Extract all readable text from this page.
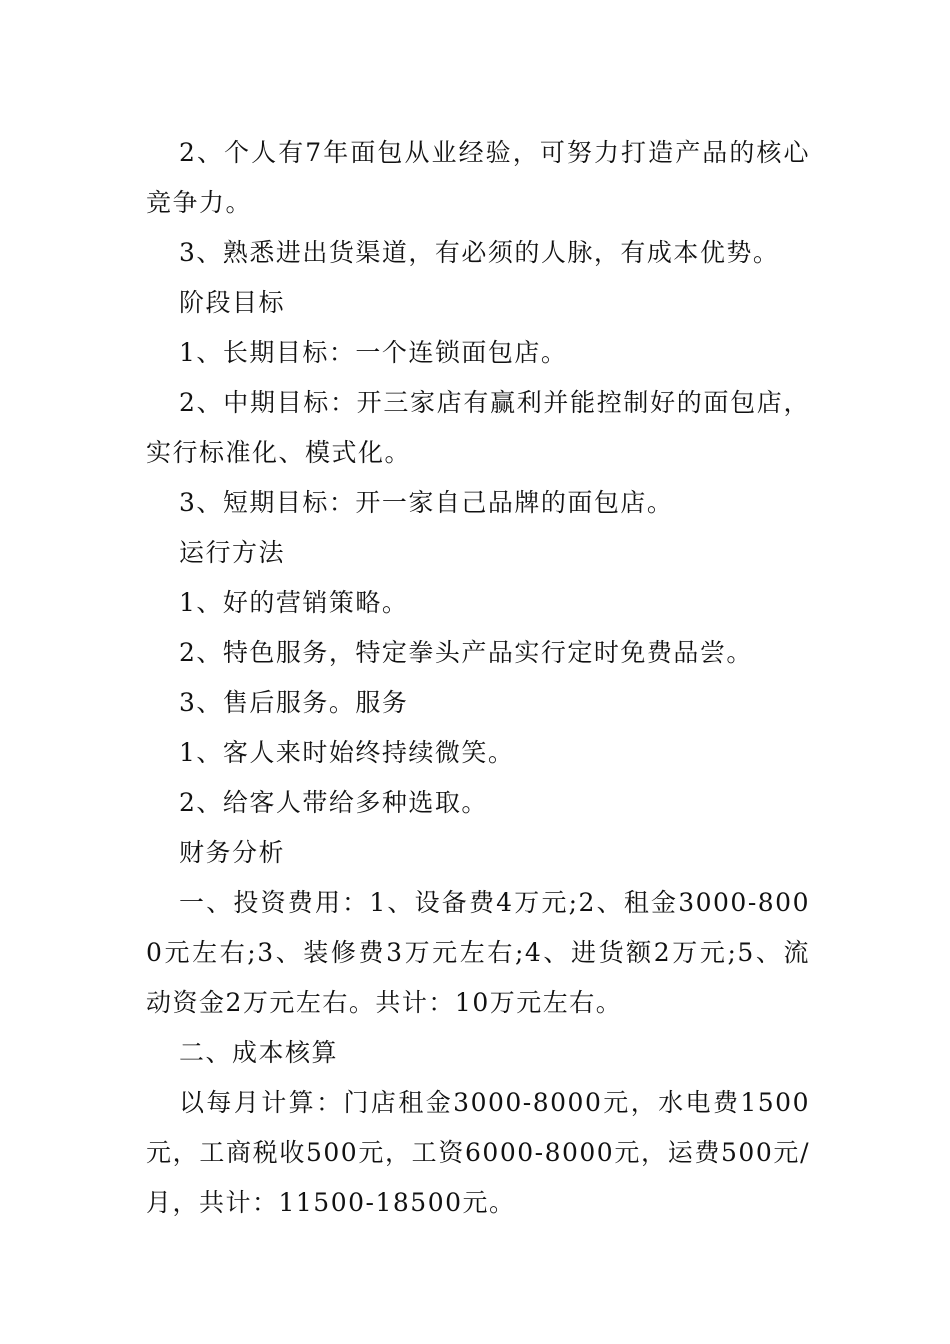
2、个人有7年面包从业经验，可努力打造产品的核心竞争力。

3、熟悉进出货渠道，有必须的人脉，有成本优势。

阶段目标

1、长期目标：一个连锁面包店。

2、中期目标：开三家店有赢利并能控制好的面包店，实行标准化、模式化。

3、短期目标：开一家自己品牌的面包店。

运行方法

1、好的营销策略。

2、特色服务，特定拳头产品实行定时免费品尝。

3、售后服务。服务

1、客人来时始终持续微笑。

2、给客人带给多种选取。

财务分析

一、投资费用：1、设备费4万元;2、租金3000-8000元左右;3、装修费3万元左右;4、进货额2万元;5、流动资金2万元左右。共计：10万元左右。

二、成本核算

以每月计算：门店租金3000-8000元，水电费1500元，工商税收500元，工资6000-8000元，运费500元/月，共计：11500-18500元。
